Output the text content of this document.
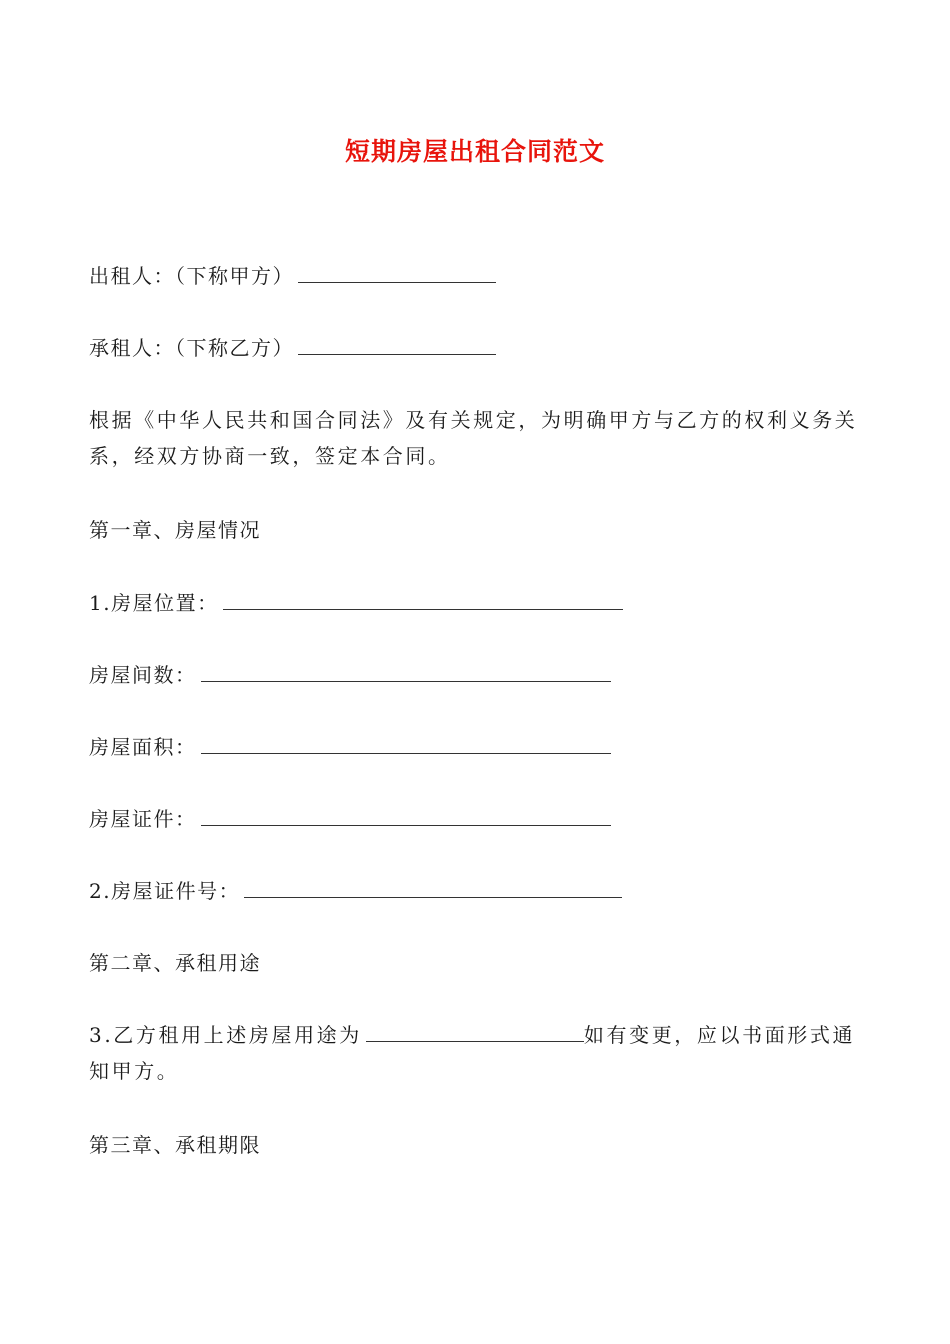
短期房屋出租合同范文
出租人：（下称甲方）
承租人：（下称乙方）
根据《中华人民共和国合同法》及有关规定，为明确甲方与乙方的权利义务关系，经双方协商一致，签定本合同。
第一章、房屋情况
1.房屋位置：
房屋间数：
房屋面积：
房屋证件：
2.房屋证件号：
第二章、承租用途
3.乙方租用上述房屋用途为	如有变更，应以书面形式通知甲方。
第三章、承租期限
